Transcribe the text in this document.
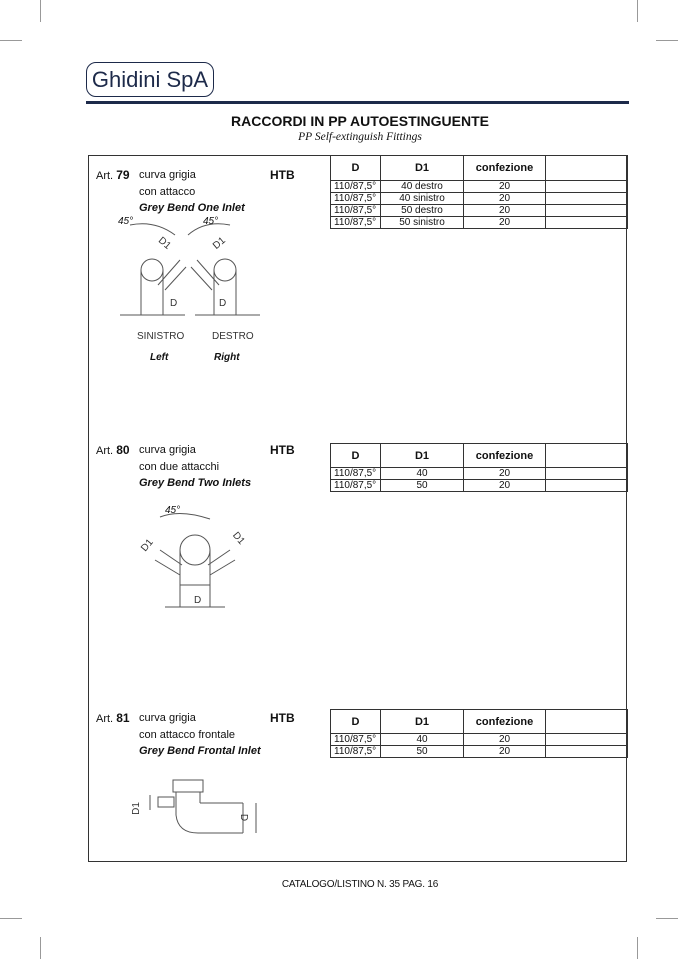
Ghidini SpA
RACCORDI IN PP AUTOESTINGUENTE
PP Self-extinguish Fittings
Art. 79 curva grigia
con attacco
Grey Bend One Inlet
HTB
45°	45°
D1	D1
D	D
SINISTRO	DESTRO
Left	Right
D	D1	confezione	
110/87,5°	40 destro	20	
110/87,5°	40 sinistro	20	
110/87,5°	50 destro	20	
110/87,5°	50 sinistro	20	
Art. 80 curva grigia
con due attacchi
Grey Bend Two Inlets
HTB
45°
D1	D1
D
D	D1	confezione	
110/87,5°	40	20	
110/87,5°	50	20	
Art. 81 curva grigia
con attacco frontale
Grey Bend Frontal Inlet
HTB
D1
D
D	D1	confezione	
110/87,5°	40	20	
110/87,5°	50	20	
CATALOGO/LISTINO N. 35 PAG. 16
